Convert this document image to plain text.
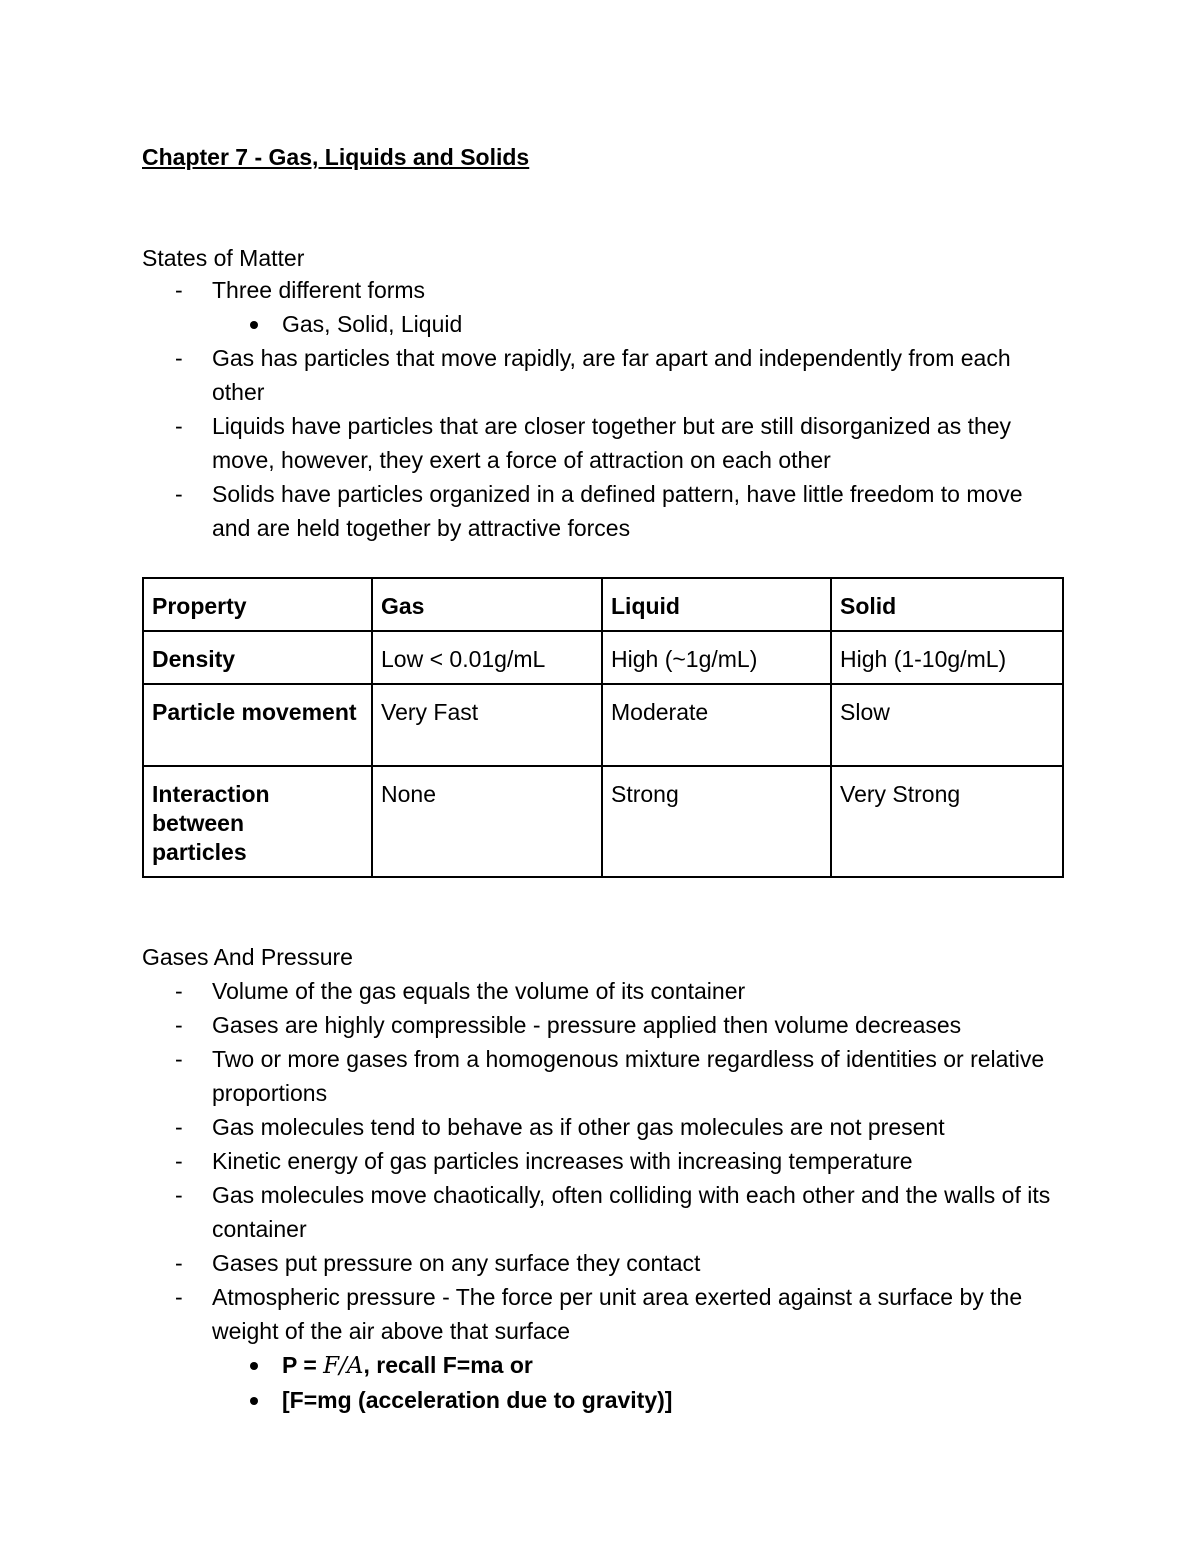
Chapter 7 - Gas, Liquids and Solids
States of Matter
- Three different forms
Gas, Solid, Liquid
- Gas has particles that move rapidly, are far apart and independently from each other
- Liquids have particles that are closer together but are still disorganized as they move, however, they exert a force of attraction on each other
- Solids have particles organized in a defined pattern, have little freedom to move and are held together by attractive forces
Property	Gas	Liquid	Solid
Density	Low < 0.01g/mL	High (~1g/mL)	High (1-10g/mL)
Particle movement	Very Fast	Moderate	Slow
Interaction between particles	None	Strong	Very Strong
Gases And Pressure
- Volume of the gas equals the volume of its container
- Gases are highly compressible - pressure applied then volume decreases
- Two or more gases from a homogenous mixture regardless of identities or relative proportions
- Gas molecules tend to behave as if other gas molecules are not present
- Kinetic energy of gas particles increases with increasing temperature
- Gas molecules move chaotically, often colliding with each other and the walls of its container
- Gases put pressure on any surface they contact
- Atmospheric pressure - The force per unit area exerted against a surface by the weight of the air above that surface
P = F/A, recall F=ma or
[F=mg (acceleration due to gravity)]
